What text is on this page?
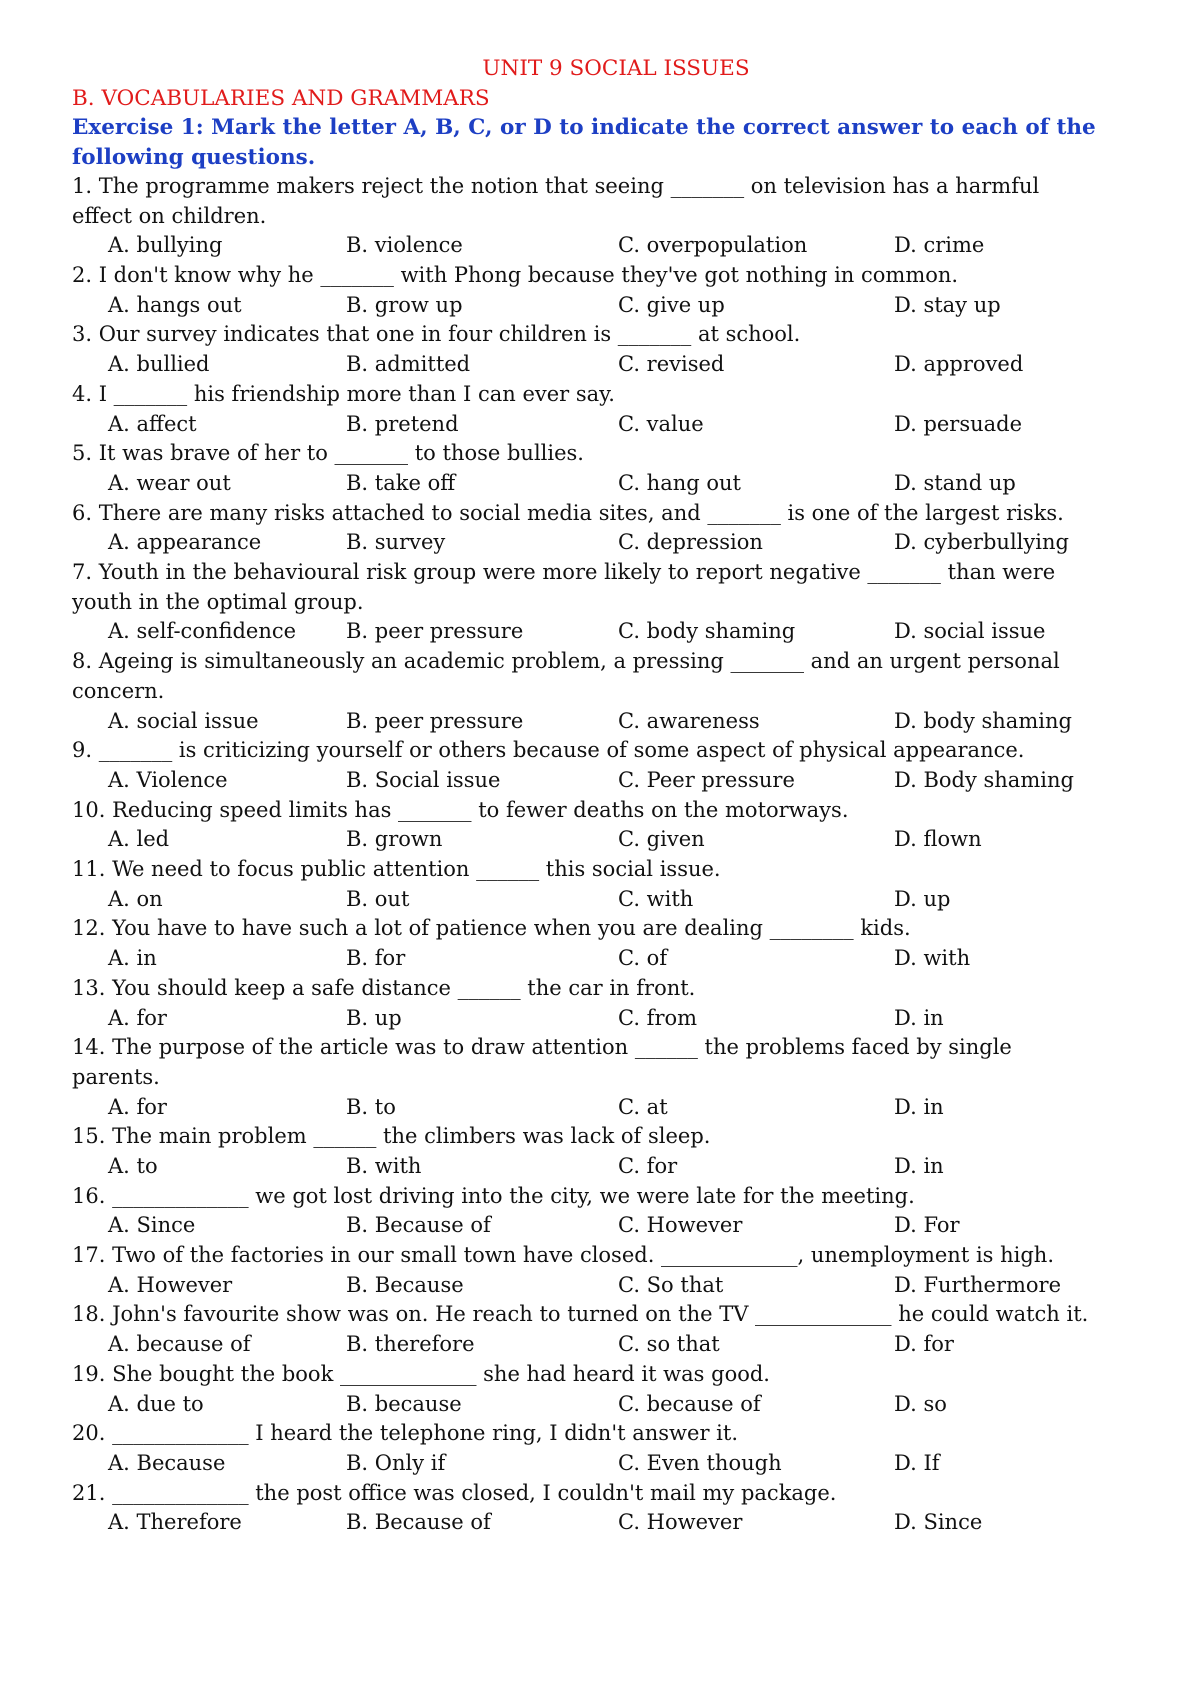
UNIT 9 SOCIAL ISSUES
B. VOCABULARIES AND GRAMMARS
Exercise 1: Mark the letter A, B, C, or D to indicate the correct answer to each of the following questions.
1. The programme makers reject the notion that seeing _______ on television has a harmful effect on children.
A. bullying	B. violence	C. overpopulation	D. crime
2. I don't know why he _______ with Phong because they've got nothing in common.
A. hangs out	B. grow up	C. give up	D. stay up
3. Our survey indicates that one in four children is _______ at school.
A. bullied	B. admitted	C. revised	D. approved
4. I _______ his friendship more than I can ever say.
A. affect	B. pretend	C. value	D. persuade
5. It was brave of her to _______ to those bullies.
A. wear out	B. take off	C. hang out	D. stand up
6. There are many risks attached to social media sites, and _______ is one of the largest risks.
A. appearance	B. survey	C. depression	D. cyberbullying
7. Youth in the behavioural risk group were more likely to report negative _______ than were youth in the optimal group.
A. self-confidence	B. peer pressure	C. body shaming	D. social issue
8. Ageing is simultaneously an academic problem, a pressing _______ and an urgent personal concern.
A. social issue	B. peer pressure	C. awareness	D. body shaming
9. _______ is criticizing yourself or others because of some aspect of physical appearance.
A. Violence	B. Social issue	C. Peer pressure	D. Body shaming
10. Reducing speed limits has _______ to fewer deaths on the motorways.
A. led	B. grown	C. given	D. flown
11. We need to focus public attention ______ this social issue.
A. on	B. out	C. with	D. up
12. You have to have such a lot of patience when you are dealing ________ kids.
A. in	B. for	C. of	D. with
13. You should keep a safe distance ______ the car in front.
A. for	B. up	C. from	D. in
14. The purpose of the article was to draw attention ______ the problems faced by single parents.
A. for	B. to	C. at	D. in
15. The main problem ______ the climbers was lack of sleep.
A. to	B. with	C. for	D. in
16. _____________ we got lost driving into the city, we were late for the meeting.
A. Since	B. Because of	C. However	D. For
17. Two of the factories in our small town have closed. _____________, unemployment is high.
A. However	B. Because	C. So that	D. Furthermore
18. John's favourite show was on. He reach to turned on the TV _____________ he could watch it.
A. because of	B. therefore	C. so that	D. for
19. She bought the book _____________ she had heard it was good.
A. due to	B. because	C. because of	D. so
20. _____________ I heard the telephone ring, I didn't answer it.
A. Because	B. Only if	C. Even though	D. If
21. _____________ the post office was closed, I couldn't mail my package.
A. Therefore	B. Because of	C. However	D. Since
